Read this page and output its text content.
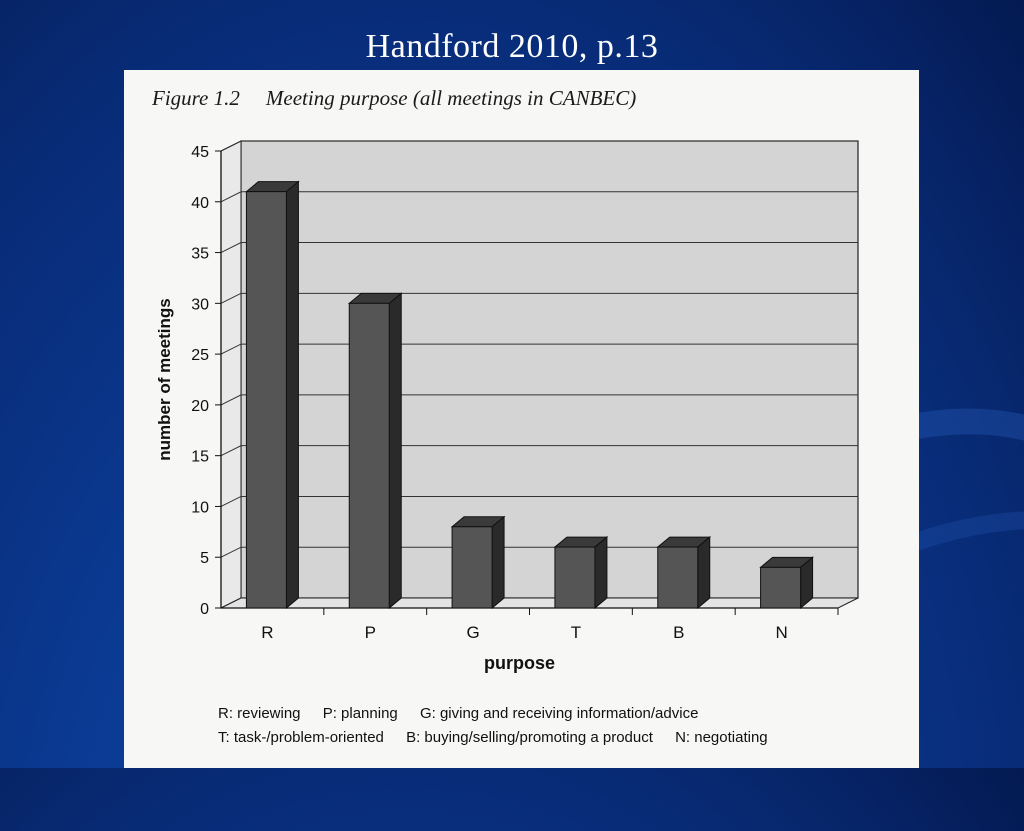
Handford 2010, p.13
Figure 1.2 Meeting purpose (all meetings in CANBEC)
0
5
10
15
20
25
30
35
40
45
R	P	G	T	B	N
purpose
number of meetings
R: reviewing P: planning G: giving and receiving information/advice
T: task-/problem-oriented B: buying/selling/promoting a product N: negotiating
